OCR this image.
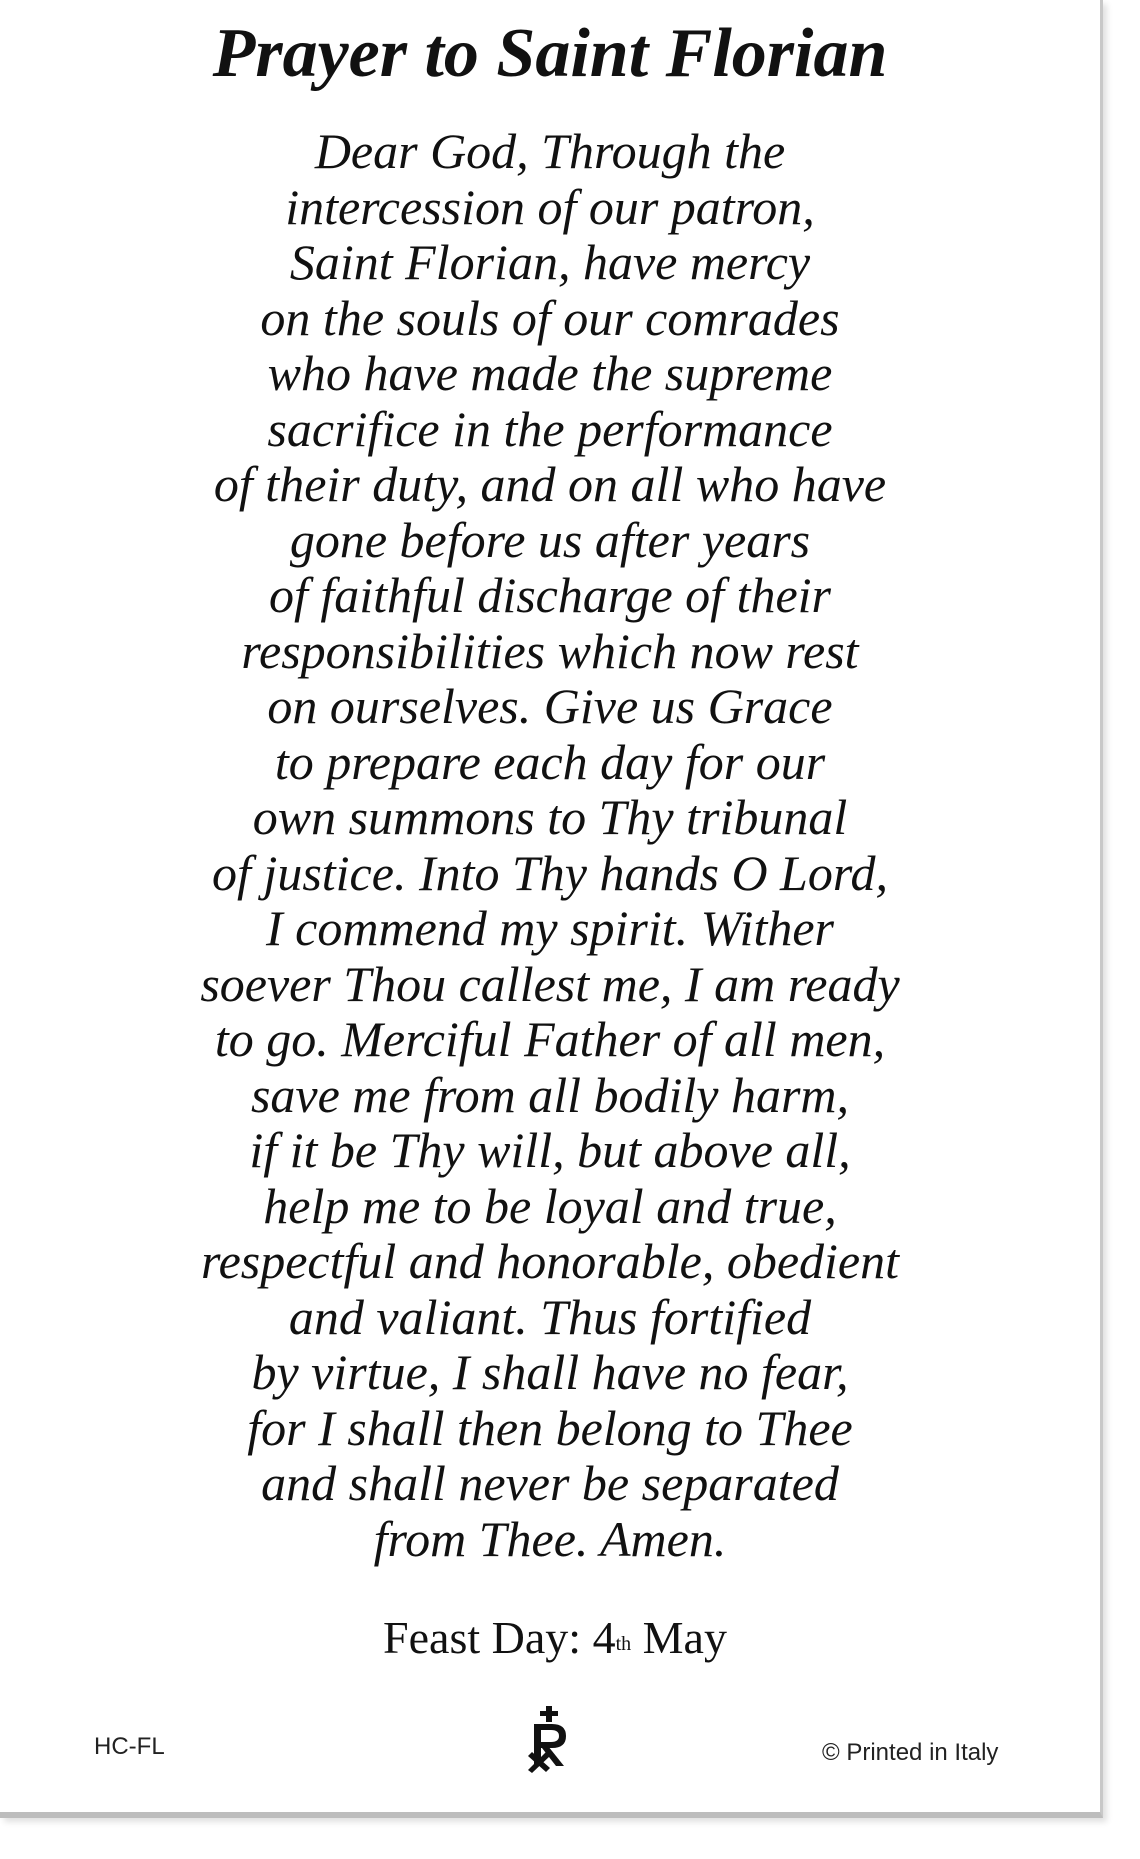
Prayer to Saint Florian
Dear God, Through the
intercession of our patron,
Saint Florian, have mercy
on the souls of our comrades
who have made the supreme
sacrifice in the performance
of their duty, and on all who have
gone before us after years
of faithful discharge of their
responsibilities which now rest
on ourselves. Give us Grace
to prepare each day for our
own summons to Thy tribunal
of justice. Into Thy hands O Lord,
I commend my spirit. Wither
soever Thou callest me, I am ready
to go. Merciful Father of all men,
save me from all bodily harm,
if it be Thy will, but above all,
help me to be loyal and true,
respectful and honorable, obedient
and valiant. Thus fortified
by virtue, I shall have no fear,
for I shall then belong to Thee
and shall never be separated
from Thee. Amen.
Feast Day: 4th May
HC-FL	© Printed in Italy
